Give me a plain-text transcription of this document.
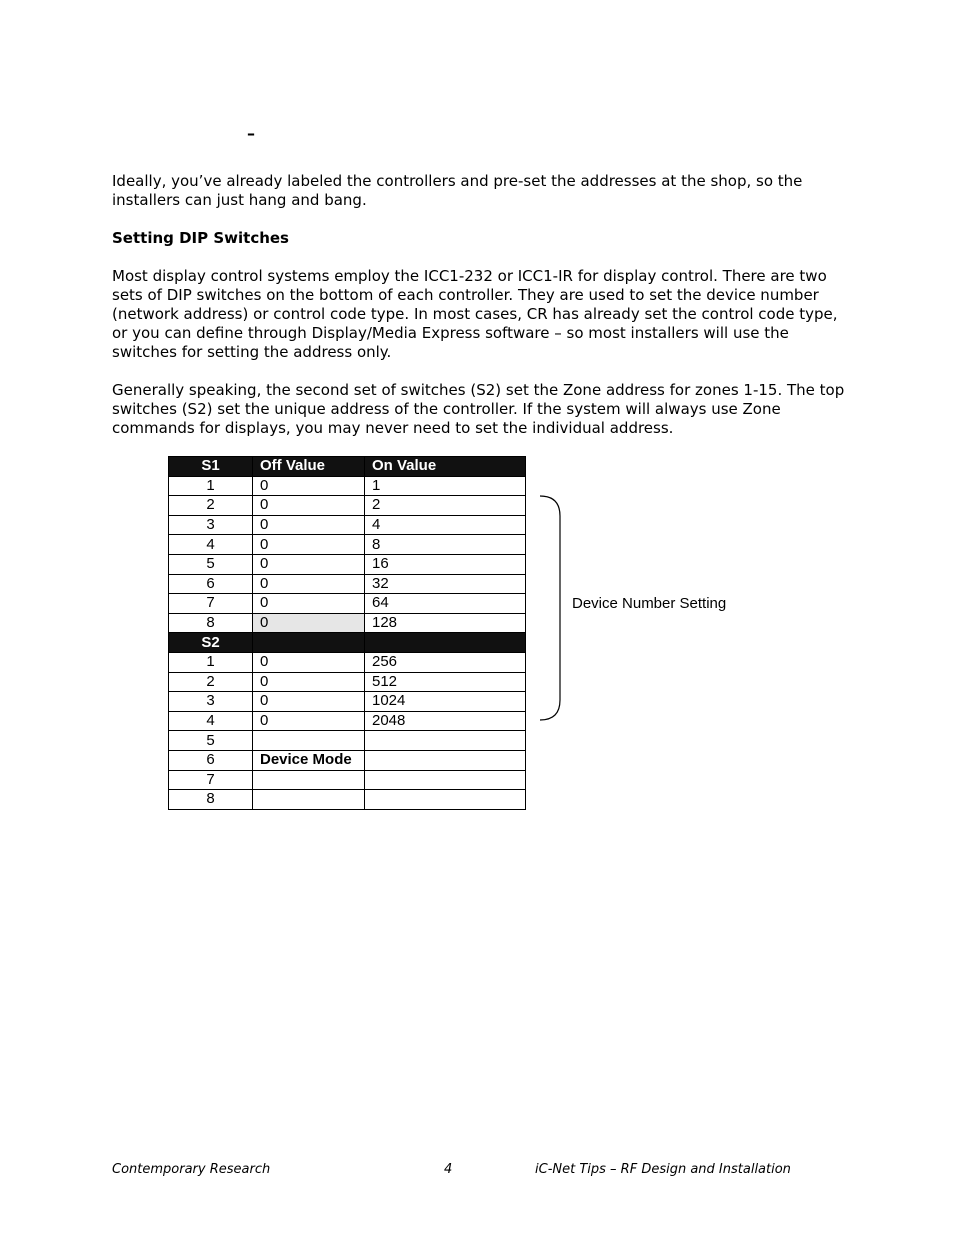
–

Ideally, you’ve already labeled the controllers and pre-set the addresses at the shop, so the installers can just hang and bang.

Setting DIP Switches

Most display control systems employ the ICC1-232 or ICC1-IR for display control. There are two sets of DIP switches on the bottom of each controller. They are used to set the device number (network address) or control code type. In most cases, CR has already set the control code type, or you can define through Display/Media Express software – so most installers will use the switches for setting the address only.

Generally speaking, the second set of switches (S2) set the Zone address for zones 1-15. The top switches (S2) set the unique address of the controller. If the system will always use Zone commands for displays, you may never need to set the individual address.

S1	Off Value	On Value
1	0	1
2	0	2
3	0	4
4	0	8
5	0	16
6	0	32
7	0	64
8	0	128
S2		
1	0	256
2	0	512
3	0	1024
4	0	2048
5		
6	Device Mode	
7		
8		
Device Number Setting
Contemporary Research	4	iC-Net Tips – RF Design and Installation
